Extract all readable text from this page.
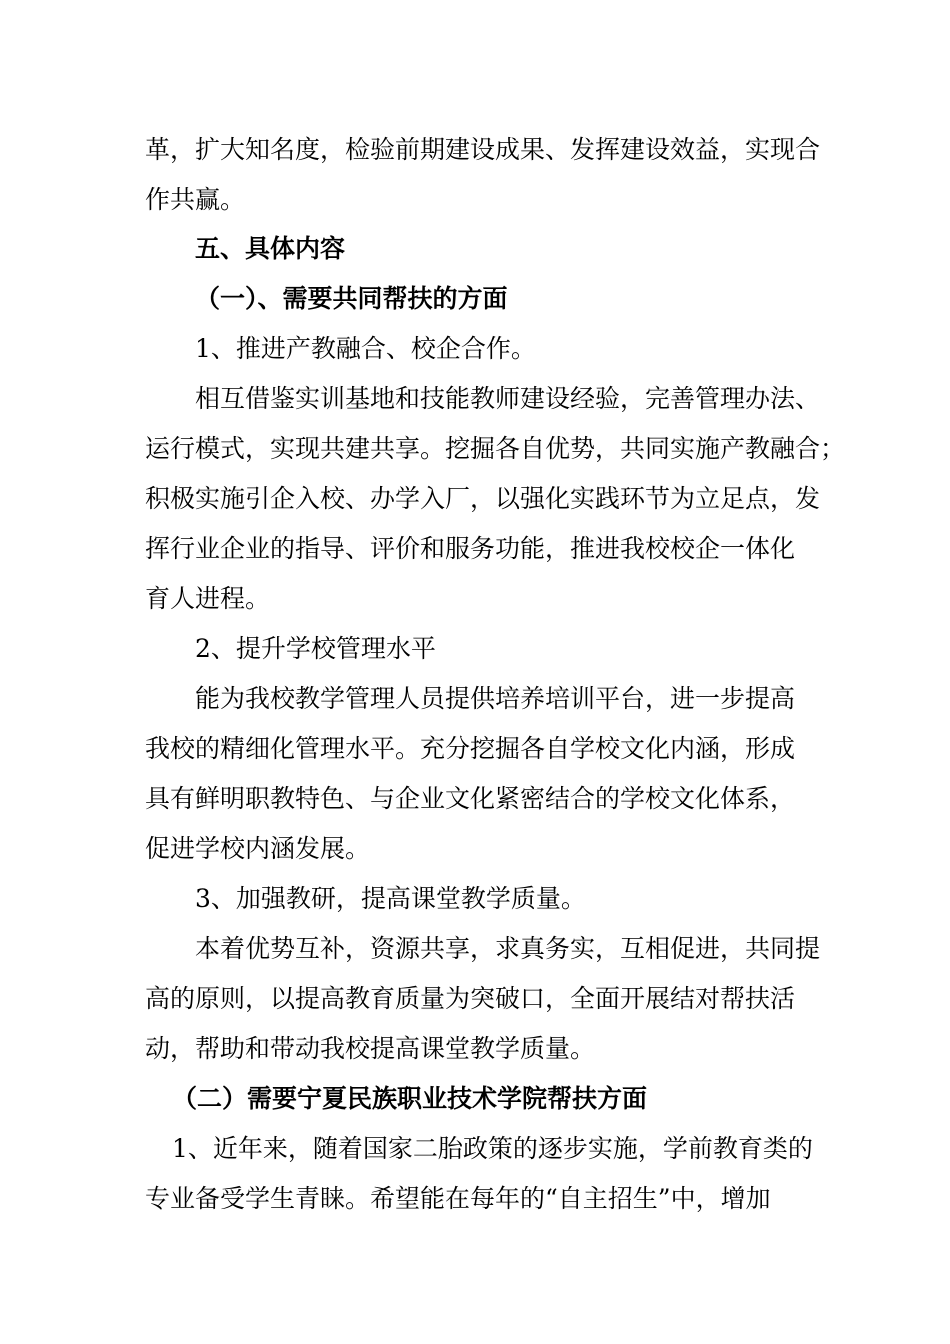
革，扩大知名度，检验前期建设成果、发挥建设效益，实现合
作共赢。
五、具体内容
（一）、需要共同帮扶的方面
1、推进产教融合、校企合作。
相互借鉴实训基地和技能教师建设经验，完善管理办法、
运行模式，实现共建共享。挖掘各自优势，共同实施产教融合；
积极实施引企入校、办学入厂，以强化实践环节为立足点，发
挥行业企业的指导、评价和服务功能，推进我校校企一体化
育人进程。
2、提升学校管理水平
能为我校教学管理人员提供培养培训平台，进一步提高
我校的精细化管理水平。充分挖掘各自学校文化内涵，形成
具有鲜明职教特色、与企业文化紧密结合的学校文化体系，
促进学校内涵发展。
3、加强教研，提高课堂教学质量。
本着优势互补，资源共享，求真务实，互相促进，共同提
高的原则，以提高教育质量为突破口，全面开展结对帮扶活
动，帮助和带动我校提高课堂教学质量。
（二）需要宁夏民族职业技术学院帮扶方面
1、近年来，随着国家二胎政策的逐步实施，学前教育类的
专业备受学生青睐。希望能在每年的“自主招生”中，增加
